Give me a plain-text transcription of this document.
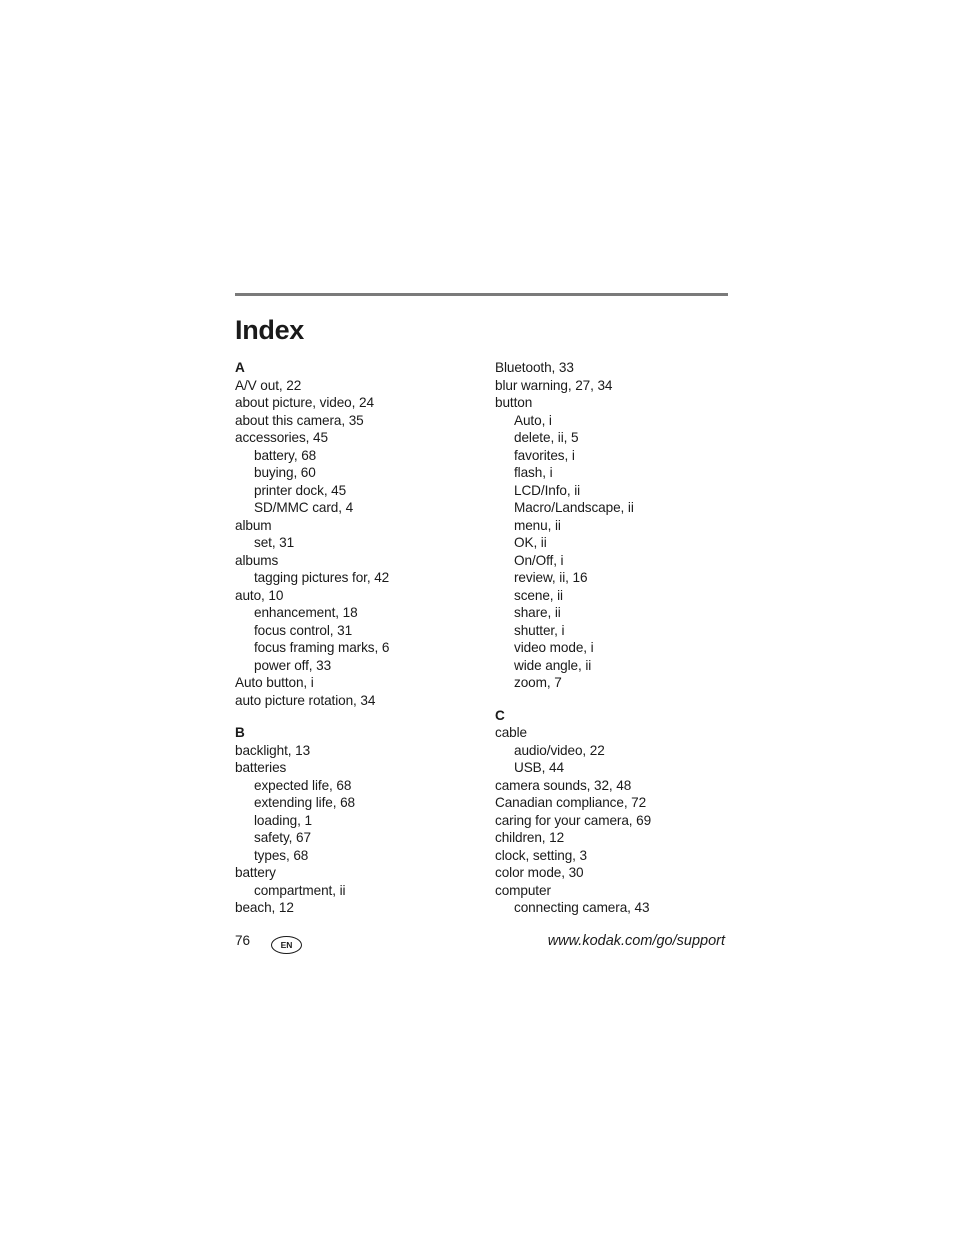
Index
A
A/V out, 22
about picture, video, 24
about this camera, 35
accessories, 45
battery, 68
buying, 60
printer dock, 45
SD/MMC card, 4
album
set, 31
albums
tagging pictures for, 42
auto, 10
enhancement, 18
focus control, 31
focus framing marks, 6
power off, 33
Auto button, i
auto picture rotation, 34
B
backlight, 13
batteries
expected life, 68
extending life, 68
loading, 1
safety, 67
types, 68
battery
compartment, ii
beach, 12
Bluetooth, 33
blur warning, 27, 34
button
Auto, i
delete, ii, 5
favorites, i
flash, i
LCD/Info, ii
Macro/Landscape, ii
menu, ii
OK, ii
On/Off, i
review, ii, 16
scene, ii
share, ii
shutter, i
video mode, i
wide angle, ii
zoom, 7
C
cable
audio/video, 22
USB, 44
camera sounds, 32, 48
Canadian compliance, 72
caring for your camera, 69
children, 12
clock, setting, 3
color mode, 30
computer
connecting camera, 43
76	EN	www.kodak.com/go/support
